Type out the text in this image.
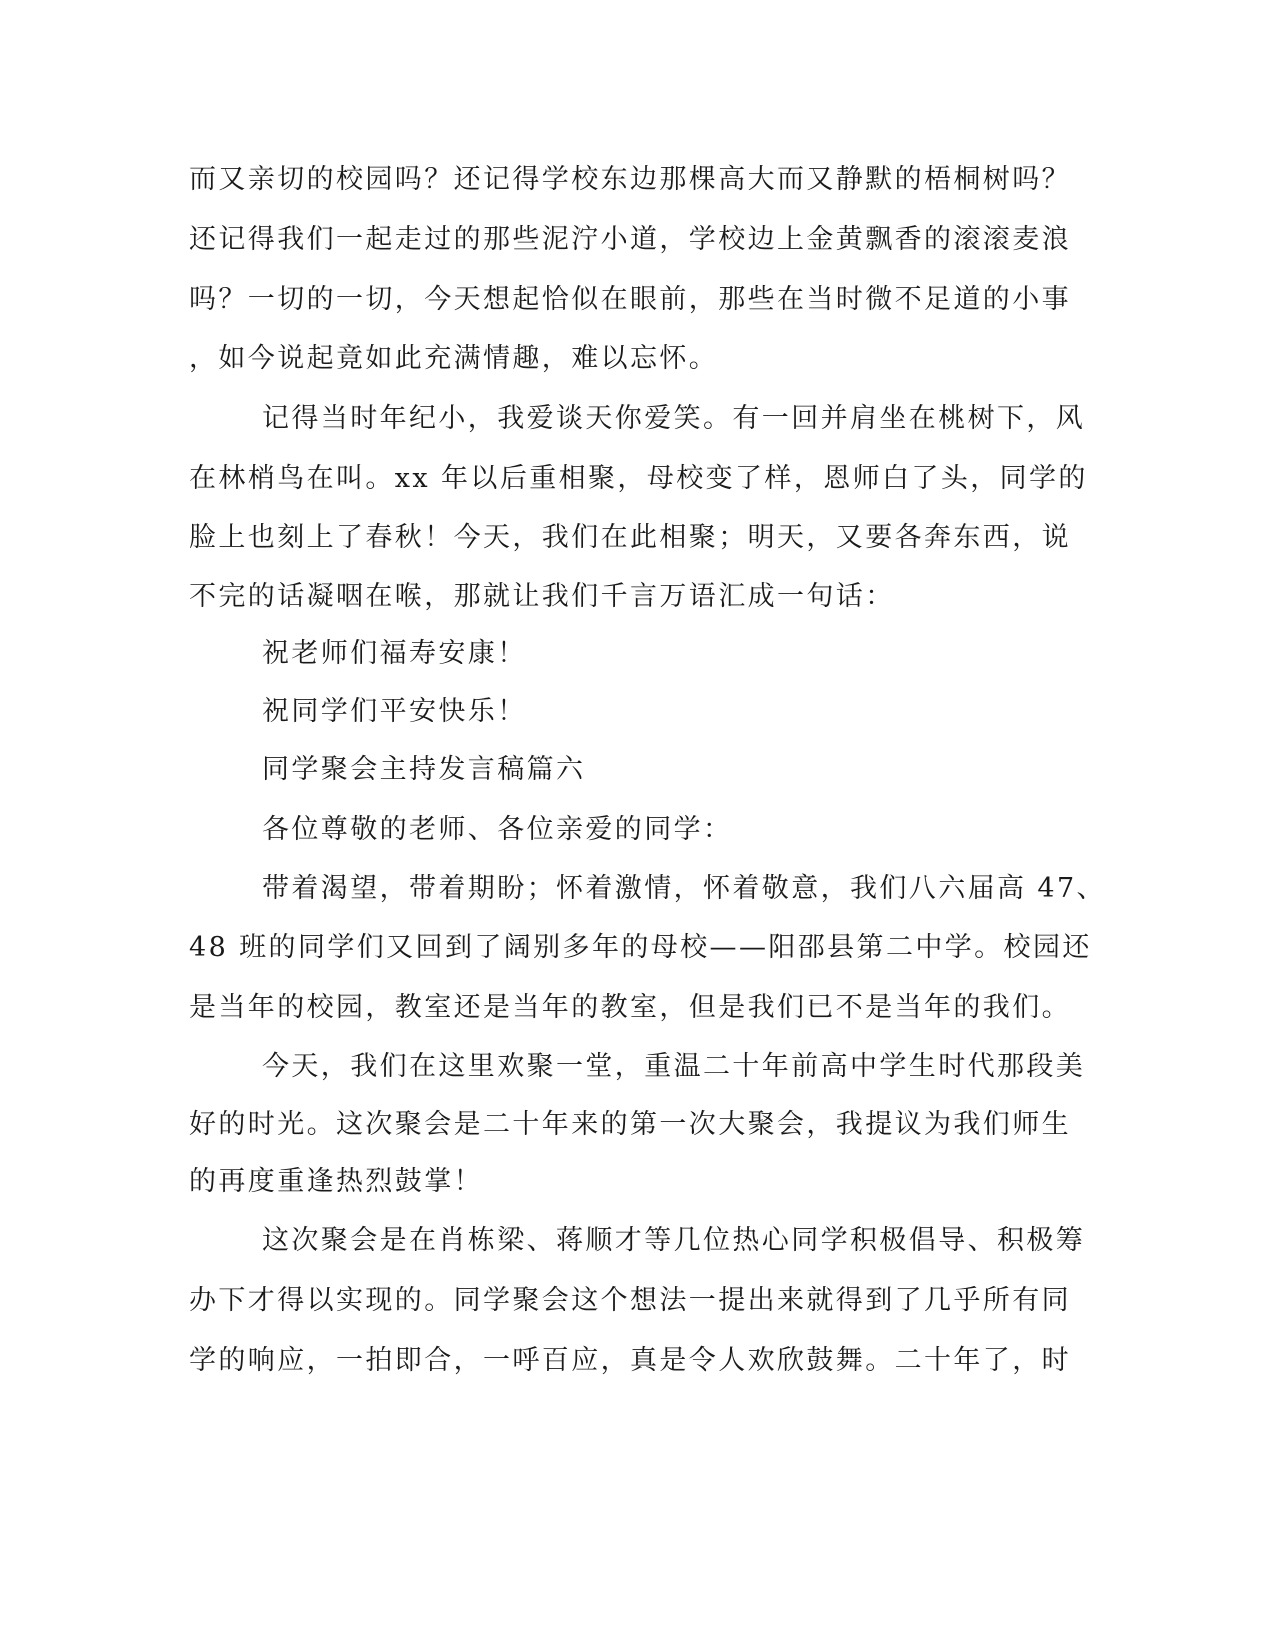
而又亲切的校园吗？还记得学校东边那棵高大而又静默的梧桐树吗？
还记得我们一起走过的那些泥泞小道，学校边上金黄飘香的滚滚麦浪
吗？一切的一切，今天想起恰似在眼前，那些在当时微不足道的小事
，如今说起竟如此充满情趣，难以忘怀。
记得当时年纪小，我爱谈天你爱笑。有一回并肩坐在桃树下，风
在林梢鸟在叫。xx 年以后重相聚，母校变了样，恩师白了头，同学的
脸上也刻上了春秋！今天，我们在此相聚；明天，又要各奔东西，说
不完的话凝咽在喉，那就让我们千言万语汇成一句话：
祝老师们福寿安康！
祝同学们平安快乐！
同学聚会主持发言稿篇六
各位尊敬的老师、各位亲爱的同学：
带着渴望，带着期盼；怀着激情，怀着敬意，我们八六届高 47、
48 班的同学们又回到了阔别多年的母校——阳邵县第二中学。校园还
是当年的校园，教室还是当年的教室，但是我们已不是当年的我们。
今天，我们在这里欢聚一堂，重温二十年前高中学生时代那段美
好的时光。这次聚会是二十年来的第一次大聚会，我提议为我们师生
的再度重逢热烈鼓掌！
这次聚会是在肖栋梁、蒋顺才等几位热心同学积极倡导、积极筹
办下才得以实现的。同学聚会这个想法一提出来就得到了几乎所有同
学的响应，一拍即合，一呼百应，真是令人欢欣鼓舞。二十年了，时
